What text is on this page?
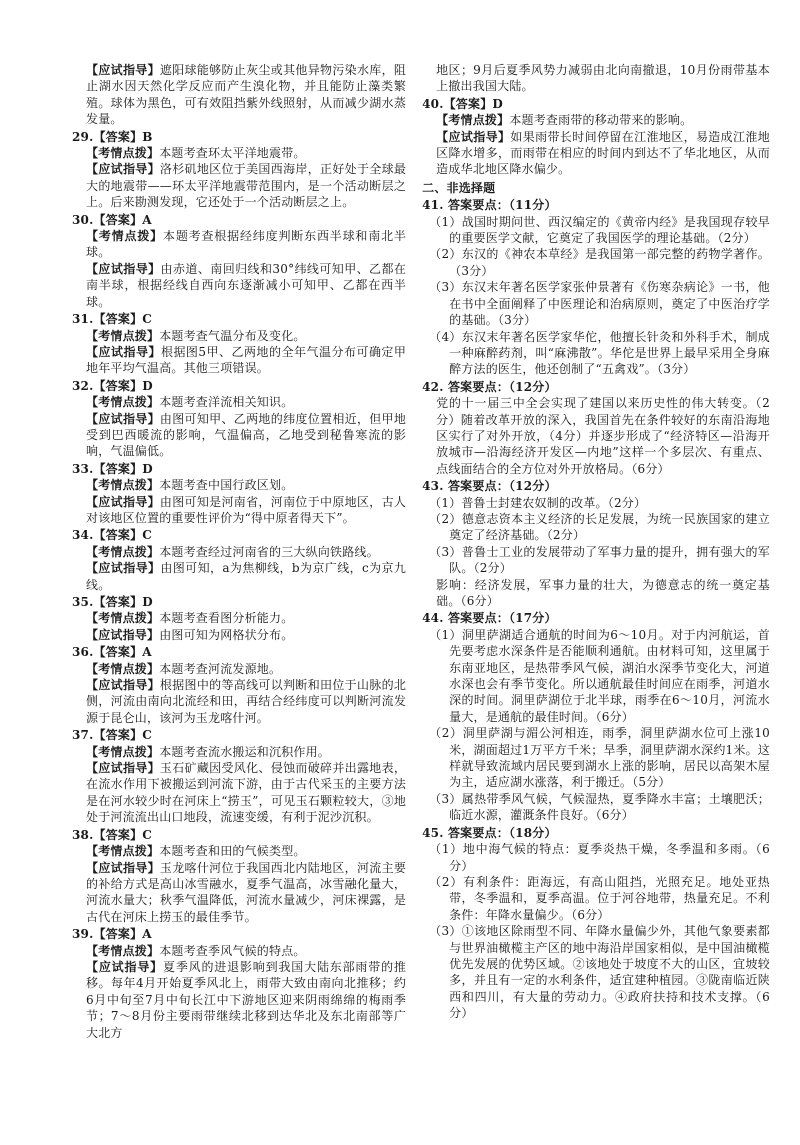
【应试指导】遮阳球能够防止灰尘或其他异物污染水库，阻止湖水因天然化学反应而产生溴化物，并且能防止藻类繁殖。球体为黑色，可有效阻挡紫外线照射，从而减少湖水蒸发量。

29.【答案】B

【考情点拨】本题考查环太平洋地震带。

【应试指导】洛杉矶地区位于美国西海岸，正好处于全球最大的地震带——环太平洋地震带范围内，是一个活动断层之上。后来勘测发现，它还处于一个活动断层之上。

30.【答案】A

【考情点拨】本题考查根据经纬度判断东西半球和南北半球。

【应试指导】由赤道、南回归线和30°纬线可知甲、乙都在南半球，根据经线自西向东逐渐减小可知甲、乙都在西半球。

31.【答案】C

【考情点拨】本题考查气温分布及变化。

【应试指导】根据图5甲、乙两地的全年气温分布可确定甲地年平均气温高。其他三项错误。

32.【答案】D

【考情点拨】本题考查洋流相关知识。

【应试指导】由图可知甲、乙两地的纬度位置相近，但甲地受到巴西暖流的影响，气温偏高，乙地受到秘鲁寒流的影响，气温偏低。

33.【答案】D

【考情点拨】本题考查中国行政区划。

【应试指导】由图可知是河南省，河南位于中原地区，古人对该地区位置的重要性评价为“得中原者得天下”。

34.【答案】C

【考情点拨】本题考查经过河南省的三大纵向铁路线。

【应试指导】由图可知，a为焦柳线，b为京广线，c为京九线。

35.【答案】D

【考情点拨】本题考查看图分析能力。

【应试指导】由图可知为网格状分布。

36.【答案】A

【考情点拨】本题考查河流发源地。

【应试指导】根据图中的等高线可以判断和田位于山脉的北侧，河流由南向北流经和田，再结合经纬度可以判断河流发源于昆仑山，该河为玉龙喀什河。

37.【答案】C

【考情点拨】本题考查流水搬运和沉积作用。

【应试指导】玉石矿藏因受风化、侵蚀而破碎并出露地表，在流水作用下被搬运到河流下游，由于古代采玉的主要方法是在河水较少时在河床上“捞玉”，可见玉石颗粒较大，③地处于河流流出山口地段，流速变缓，有利于泥沙沉积。

38.【答案】C

【考情点拨】本题考查和田的气候类型。

【应试指导】玉龙喀什河位于我国西北内陆地区，河流主要的补给方式是高山冰雪融水，夏季气温高，冰雪融化量大，河流水量大；秋季气温降低，河流水量减少，河床裸露，是古代在河床上捞玉的最佳季节。

39.【答案】A

【考情点拨】本题考查季风气候的特点。

【应试指导】夏季风的进退影响到我国大陆东部雨带的推移。每年4月开始夏季风北上，雨带大致由南向北推移；约6月中旬至7月中旬长江中下游地区迎来阴雨绵绵的梅雨季节；7～8月份主要雨带继续北移到达华北及东北南部等广大北方

地区；9月后夏季风势力减弱由北向南撤退，10月份雨带基本上撤出我国大陆。

40.【答案】D

【考情点拨】本题考查雨带的移动带来的影响。

【应试指导】如果雨带长时间停留在江淮地区，易造成江淮地区降水增多，而雨带在相应的时间内到达不了华北地区，从而造成华北地区降水偏少。

二、非选择题
41. 答案要点：（11分）

（1）战国时期问世、西汉编定的《黄帝内经》是我国现存较早的重要医学文献，它奠定了我国医学的理论基础。（2分）

（2）东汉的《神农本草经》是我国第一部完整的药物学著作。（3分）

（3）东汉末年著名医学家张仲景著有《伤寒杂病论》一书，他在书中全面阐释了中医理论和治病原则，奠定了中医治疗学的基础。（3分）

（4）东汉末年著名医学家华佗，他擅长针灸和外科手术，制成一种麻醉药剂，叫“麻沸散”。华佗是世界上最早采用全身麻醉方法的医生，他还创制了“五禽戏”。（3分）

42. 答案要点：（12分）

党的十一届三中全会实现了建国以来历史性的伟大转变。（2分）随着改革开放的深入，我国首先在条件较好的东南沿海地区实行了对外开放，（4分）并逐步形成了“经济特区—沿海开放城市—沿海经济开发区—内地”这样一个多层次、有重点、点线面结合的全方位对外开放格局。（6分）

43. 答案要点：（12分）

（1）普鲁士封建农奴制的改革。（2分）

（2）德意志资本主义经济的长足发展，为统一民族国家的建立奠定了经济基础。（2分）

（3）普鲁士工业的发展带动了军事力量的提升，拥有强大的军队。（2分）

影响：经济发展，军事力量的壮大，为德意志的统一奠定基础。（6分）

44. 答案要点：（17分）

（1）洞里萨湖适合通航的时间为6～10月。对于内河航运，首先要考虑水深条件是否能顺利通航。由材料可知，这里属于东南亚地区，是热带季风气候，湖泊水深季节变化大，河道水深也会有季节变化。所以通航最佳时间应在雨季，河道水深的时间。洞里萨湖位于北半球，雨季在6～10月，河流水量大，是通航的最佳时间。（6分）

（2）洞里萨湖与湄公河相连，雨季，洞里萨湖水位可上涨10米，湖面超过1万平方千米；旱季，洞里萨湖水深约1米。这样就导致流域内居民要到湖水上涨的影响，居民以高架木屋为主，适应湖水涨落，利于搬迁。（5分）

（3）属热带季风气候，气候湿热，夏季降水丰富；土壤肥沃；临近水源，灌溉条件良好。（6分）

45. 答案要点：（18分）

（1）地中海气候的特点：夏季炎热干燥，冬季温和多雨。（6分）

（2）有利条件：距海远，有高山阻挡，光照充足。地处亚热带，冬季温和，夏季高温。位于河谷地带，热量充足。不利条件：年降水量偏少。（6分）

（3）①该地区除雨型不同、年降水量偏少外，其他气象要素都与世界油橄榄主产区的地中海沿岸国家相似，是中国油橄榄优先发展的优势区域。②该地处于坡度不大的山区，宜坡较多，并且有一定的水利条件，适宜建种植园。③陇南临近陕西和四川，有大量的劳动力。④政府扶持和技术支撑。（6分）
